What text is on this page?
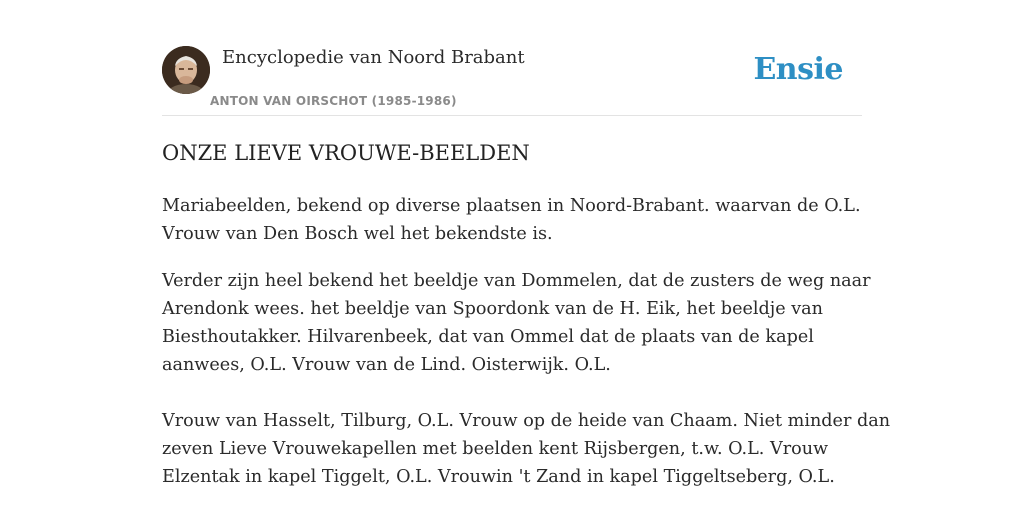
Encyclopedie van Noord Brabant
ANTON VAN OIRSCHOT (1985-1986)
Ensie
ONZE LIEVE VROUWE-BEELDEN

Mariabeelden, bekend op diverse plaatsen in Noord-Brabant. waarvan de O.L.
Vrouw van Den Bosch wel het bekendste is.

Verder zijn heel bekend het beeldje van Dommelen, dat de zusters de weg naar
Arendonk wees. het beeldje van Spoordonk van de H. Eik, het beeldje van
Biesthoutakker. Hilvarenbeek, dat van Ommel dat de plaats van de kapel
aanwees, O.L. Vrouw van de Lind. Oisterwijk. O.L.

Vrouw van Hasselt, Tilburg, O.L. Vrouw op de heide van Chaam. Niet minder dan
zeven Lieve Vrouwekapellen met beelden kent Rijsbergen, t.w. O.L. Vrouw
Elzentak in kapel Tiggelt, O.L. Vrouwin 't Zand in kapel Tiggeltseberg, O.L.
